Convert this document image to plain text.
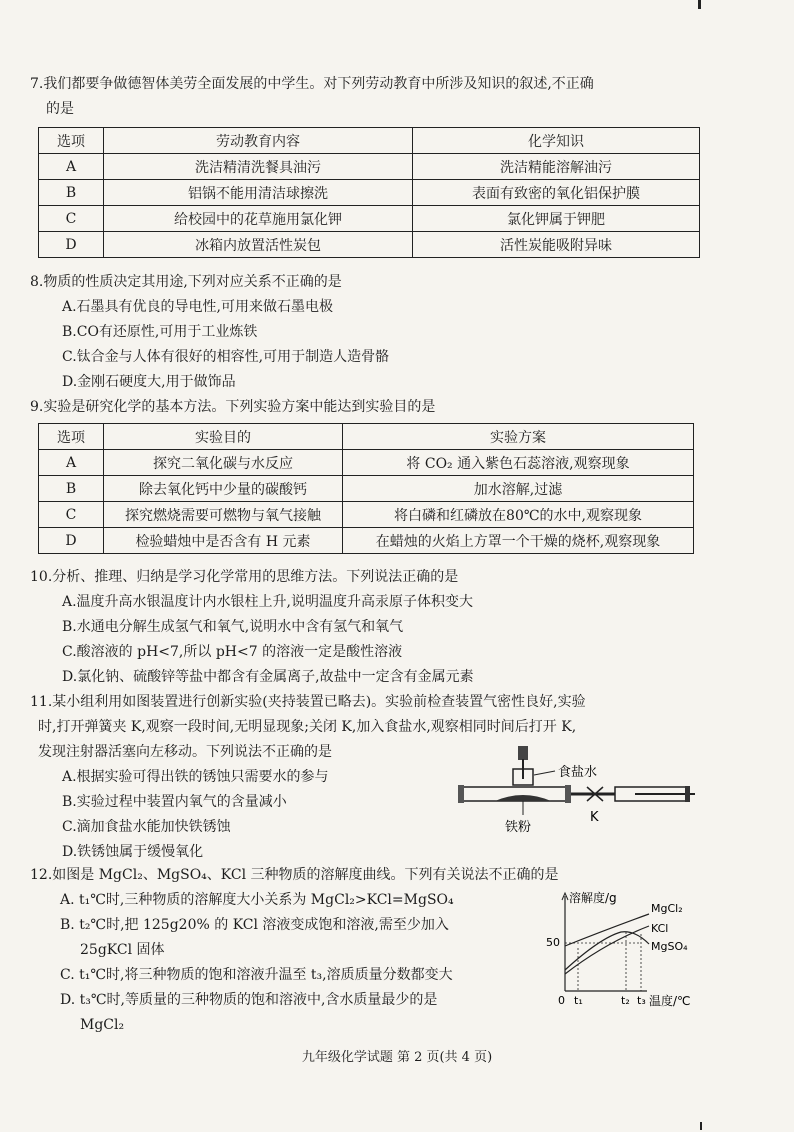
7.我们都要争做德智体美劳全面发展的中学生。对下列劳动教育中所涉及知识的叙述,不正确

的是

选项	劳动教育内容	化学知识
A	洗洁精清洗餐具油污	洗洁精能溶解油污
B	铝锅不能用清洁球擦洗	表面有致密的氧化铝保护膜
C	给校园中的花草施用氯化钾	氯化钾属于钾肥
D	冰箱内放置活性炭包	活性炭能吸附异味

8.物质的性质决定其用途,下列对应关系不正确的是

A.石墨具有优良的导电性,可用来做石墨电极

B.CO有还原性,可用于工业炼铁

C.钛合金与人体有很好的相容性,可用于制造人造骨骼

D.金刚石硬度大,用于做饰品

9.实验是研究化学的基本方法。下列实验方案中能达到实验目的是

选项	实验目的	实验方案
A	探究二氧化碳与水反应	将 CO₂ 通入紫色石蕊溶液,观察现象
B	除去氧化钙中少量的碳酸钙	加水溶解,过滤
C	探究燃烧需要可燃物与氧气接触	将白磷和红磷放在80℃的水中,观察现象
D	检验蜡烛中是否含有 H 元素	在蜡烛的火焰上方罩一个干燥的烧杯,观察现象

10.分析、推理、归纳是学习化学常用的思维方法。下列说法正确的是

A.温度升高水银温度计内水银柱上升,说明温度升高汞原子体积变大

B.水通电分解生成氢气和氧气,说明水中含有氢气和氧气

C.酸溶液的 pH<7,所以 pH<7 的溶液一定是酸性溶液

D.氯化钠、硫酸锌等盐中都含有金属离子,故盐中一定含有金属元素

11.某小组利用如图装置进行创新实验(夹持装置已略去)。实验前检查装置气密性良好,实验

时,打开弹簧夹 K,观察一段时间,无明显现象;关闭 K,加入食盐水,观察相同时间后打开 K,

发现注射器活塞向左移动。下列说法不正确的是

A.根据实验可得出铁的锈蚀只需要水的参与

B.实验过程中装置内氧气的含量减小

C.滴加食盐水能加快铁锈蚀

D.铁锈蚀属于缓慢氧化

食盐水
铁粉
K

12.如图是 MgCl₂、MgSO₄、KCl 三种物质的溶解度曲线。下列有关说法不正确的是

A. t₁℃时,三种物质的溶解度大小关系为 MgCl₂>KCl=MgSO₄

B. t₂℃时,把 125g20% 的 KCl 溶液变成饱和溶液,需至少加入

25gKCl 固体

C. t₁℃时,将三种物质的饱和溶液升温至 t₃,溶质质量分数都变大

D. t₃℃时,等质量的三种物质的饱和溶液中,含水质量最少的是

MgCl₂

溶解度/g
温度/℃
0
50
t₁	t₂ t₃
MgCl₂
KCl
MgSO₄
九年级化学试题 第 2 页(共 4 页)
